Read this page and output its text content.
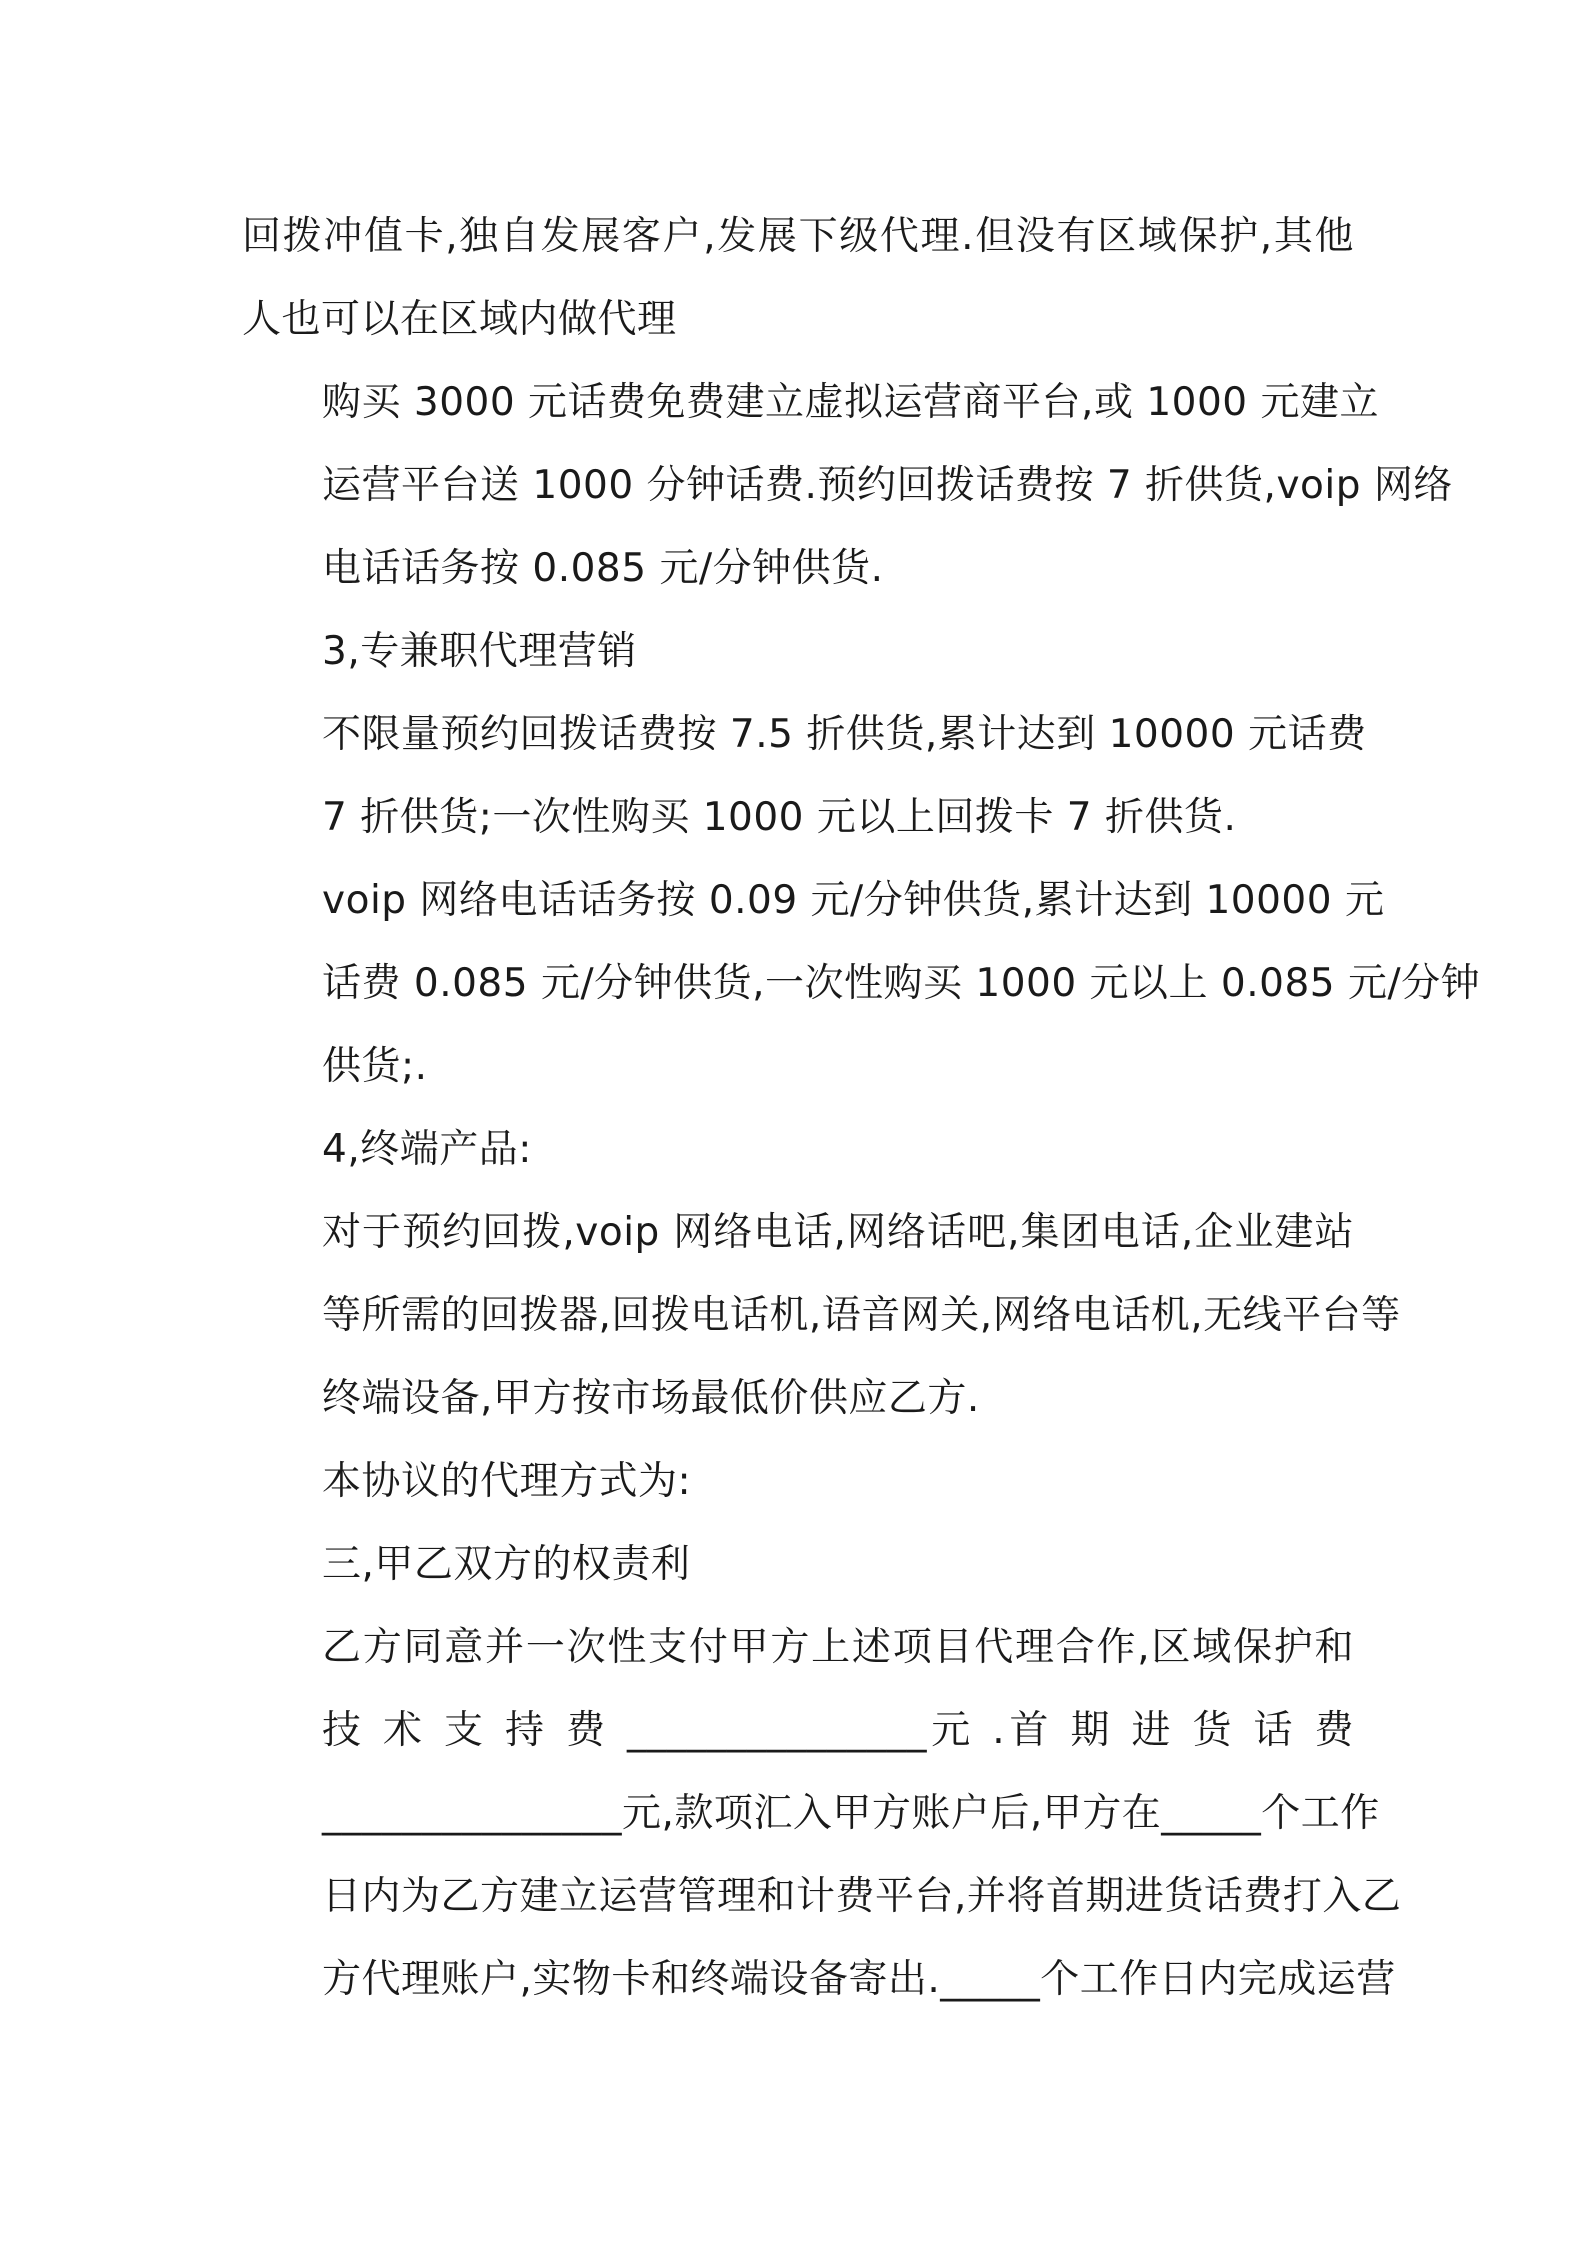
回拨冲值卡,独自发展客户,发展下级代理.但没有区域保护,其他
人也可以在区域内做代理

购买 3000 元话费免费建立虚拟运营商平台,或 1000 元建立
运营平台送 1000 分钟话费.预约回拨话费按 7 折供货,voip 网络
电话话务按 0.085 元/分钟供货.

3,专兼职代理营销

不限量预约回拨话费按 7.5 折供货,累计达到 10000 元话费
7 折供货;一次性购买 1000 元以上回拨卡 7 折供货.

voip 网络电话话务按 0.09 元/分钟供货,累计达到 10000 元
话费 0.085 元/分钟供货,一次性购买 1000 元以上 0.085 元/分钟
供货;.

4,终端产品:

对于预约回拨,voip 网络电话,网络话吧,集团电话,企业建站
等所需的回拨器,回拨电话机,语音网关,网络电话机,无线平台等
终端设备,甲方按市场最低价供应乙方.

本协议的代理方式为:

三,甲乙双方的权责利

乙方同意并一次性支付甲方上述项目代理合作,区域保护和
技 术 支 持 费 _______________元 .首 期 进 货 话 费
_______________元,款项汇入甲方账户后,甲方在_____个工作
日内为乙方建立运营管理和计费平台,并将首期进货话费打入乙
方代理账户,实物卡和终端设备寄出._____个工作日内完成运营
